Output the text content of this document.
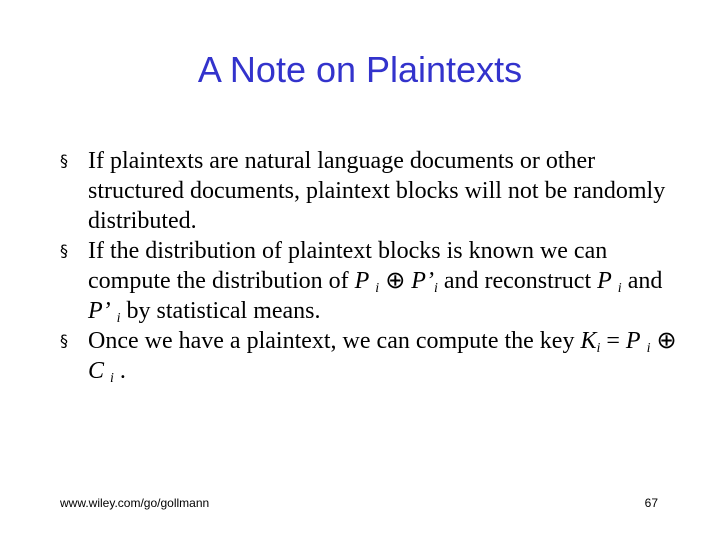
A Note on Plaintexts
§ If plaintexts are natural language documents or other structured documents, plaintext blocks will not be randomly distributed.
§ If the distribution of plaintext blocks is known we can compute the distribution of P $_i$ ⊕ $P’_i$ and reconstruct P $_i$ and P’ $_i$ by statistical means.
§ Once we have a plaintext, we can compute the key $K_i = P$ $_i$ ⊕ C $_i$ .
www.wiley.com/go/gollmann	67
